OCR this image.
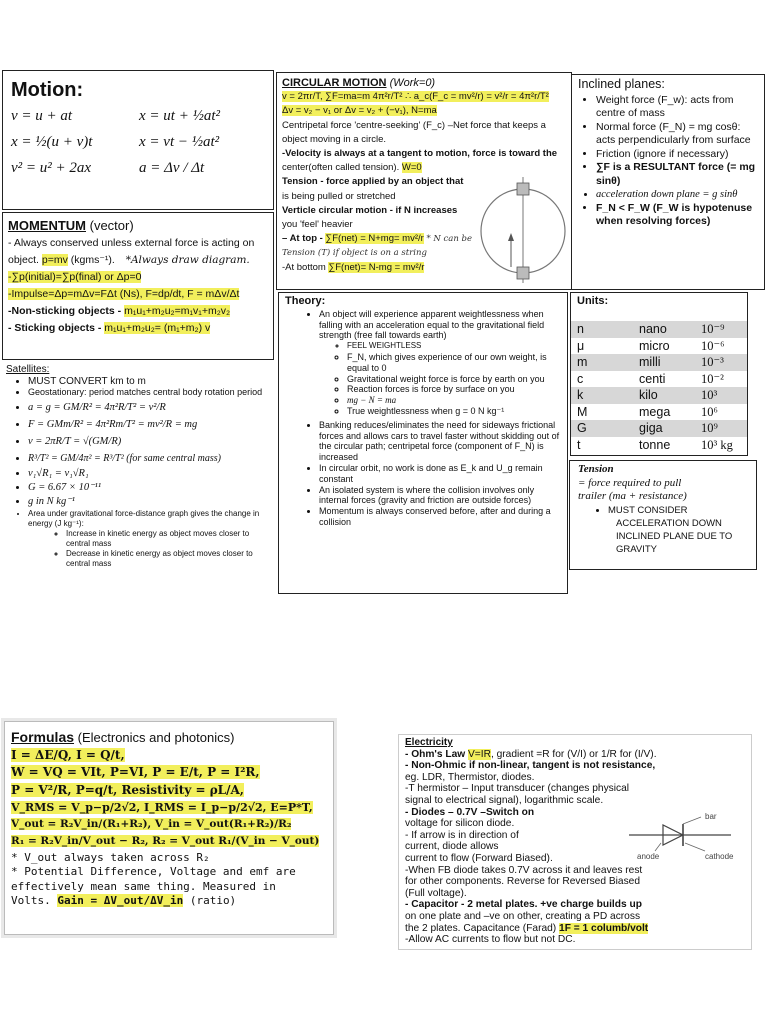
Motion:
v = u + at	x = ut + ½at²
x = ½(u + v)t	x = vt − ½at²
v² = u² + 2ax	a = Δv / Δt
MOMENTUM (vector)
- Always conserved unless external force is acting on
object. p=mv (kgms⁻¹). *Always draw diagram.
-∑p(initial)=∑p(final) or Δp=0
-Impulse=Δp=mΔv=FΔt (Ns), F=dp/dt, F = mΔv/Δt
-Non-sticking objects - m₁u₁+m₂u₂=m₁v₁+m₂v₂
- Sticking objects - m₁u₁+m₂u₂= (m₁+m₂) v
CIRCULAR MOTION (Work=0)
v = 2πr/T, ∑F=ma=m 4π²r/T² ∴ a_c(F_c = mv²/r) = v²/r = 4π²r/T²
Δv = v₂ − v₁ or Δv = v₂ + (−v₁), N=ma
Centripetal force 'centre-seeking' (F_c) –Net force that keeps a
object moving in a circle.
-Velocity is always at a tangent to motion, force is toward the
center(often called tension). W=0
Tension - force applied by an object that
is being pulled or stretched
Verticle circular motion - if N increases
you 'feel' heavier
– At top - ∑F(net) = N+mg= mv²/r * N can be
Tension (T) if object is on a string
-At bottom ∑F(net)= N-mg = mv²/r
Inclined planes:
• Weight force (F_w): acts from centre of mass
• Normal force (F_N) = mg cosθ: acts perpendicularly from surface
• Friction (ignore if necessary)
• ∑F is a RESULTANT force (= mg sinθ)
• acceleration down plane = g sinθ
• F_N < F_W (F_W is hypotenuse when resolving forces)
Satellites:
• MUST CONVERT km to m
• Geostationary: period matches central body rotation period
• a = g = GM/R² = 4π²R/T² = v²/R
• F = GMm/R² = 4π²Rm/T² = mv²/R = mg
• v = 2πR/T = √(GM/R)
• R³/T² = GM/4π² = R³/T² (for same central mass)
• v₁√R₁ = v₁√R₁
• G = 6.67 × 10⁻¹¹
• g in N kg⁻¹
• Area under gravitational force-distance graph gives the change in energy (J kg⁻¹):
◦ Increase in kinetic energy as object moves closer to central mass
◦ Decrease in kinetic energy as object moves closer to central mass
Theory:
• An object will experience apparent weightlessness when falling with an acceleration equal to the gravitational field strength (free fall towards earth)
◦ FEEL WEIGHTLESS
◦ F_N, which gives experience of our own weight, is equal to 0
◦ Gravitational weight force is force by earth on you
◦ Reaction forces is force by surface on you
◦ mg − N = ma
◦ True weightlessness when g = 0 N kg⁻¹
• Banking reduces/eliminates the need for sideways frictional forces and allows cars to travel faster without skidding out of the circular path; centripetal force (component of F_N) is increased
• In circular orbit, no work is done as E_k and U_g remain constant
• An isolated system is where the collision involves only internal forces (gravity and friction are outside forces)
• Momentum is always conserved before, after and during a collision
Units:
n	nano	10⁻⁹
μ	micro	10⁻⁶
m	milli	10⁻³
c	centi	10⁻²
k	kilo	10³
M	mega	10⁶
G	giga	10⁹
t	tonne	10³ kg
Tension
= force required to pull
trailer (ma + resistance)
• MUST CONSIDER
ACCELERATION DOWN
INCLINED PLANE DUE TO
GRAVITY
Formulas (Electronics and photonics)
I = ΔE/Q, I = Q/t,
W = VQ = VIt, P=VI, P = E/t, P = I²R,
P = V²/R, P=q/t, Resistivity = ρL/A,
V_RMS = V_p−p/2√2, I_RMS = I_p−p/2√2, E=P*T,
V_out = R₂V_in/(R₁+R₂), V_in = V_out(R₁+R₂)/R₂
R₁ = R₂V_in/V_out − R₂, R₂ = V_out R₁/(V_in − V_out)
* V_out always taken across R₂
* Potential Difference, Voltage and emf are
effectively mean same thing. Measured in
Volts. Gain = ΔV_out/ΔV_in (ratio)
Electricity
- Ohm's Law V=IR, gradient =R for (V/I) or 1/R for (I/V).
- Non-Ohmic if non-linear, tangent is not resistance,
eg. LDR, Thermistor, diodes.
-T hermistor – Input transducer (changes physical
signal to electrical signal), logarithmic scale.
- Diodes – 0.7V –Switch on
voltage for silicon diode.
- If arrow is in direction of
current, diode allows
current to flow (Forward Biased).
-When FB diode takes 0.7V across it and leaves rest
for other components. Reverse for Reversed Biased
(Full voltage).
- Capacitor - 2 metal plates. +ve charge builds up
on one plate and –ve on other, creating a PD across
the 2 plates. Capacitance (Farad) 1F = 1 columb/volt
-Allow AC currents to flow but not DC.
bar
anode	cathode
